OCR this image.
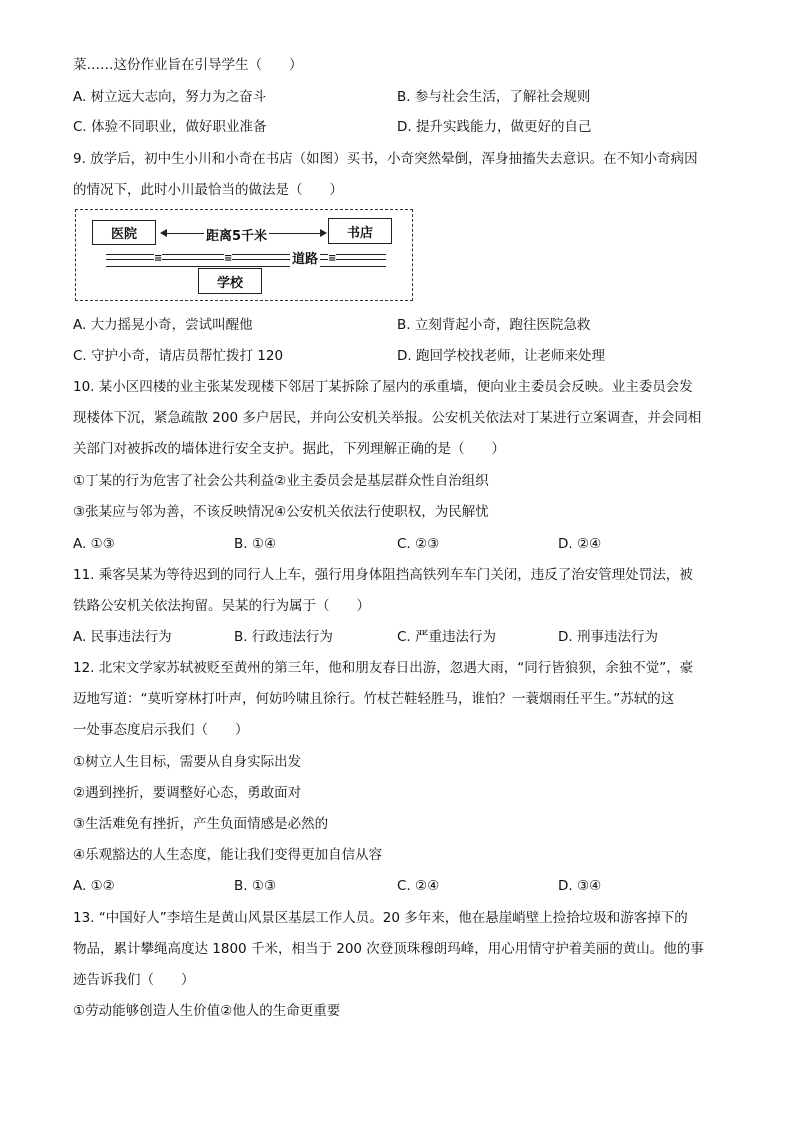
菜……这份作业旨在引导学生（　　）
A. 树立远大志向，努力为之奋斗	B. 参与社会生活，了解社会规则
C. 体验不同职业，做好职业准备	D. 提升实践能力，做更好的自己
9. 放学后，初中生小川和小奇在书店（如图）买书，小奇突然晕倒，浑身抽搐失去意识。在不知小奇病因
的情况下，此时小川最恰当的做法是（　　）
≡	≡	≡
道路
医院	书店
距离5千米
学校
A. 大力摇晃小奇，尝试叫醒他	B. 立刻背起小奇，跑往医院急救
C. 守护小奇，请店员帮忙拨打 120	D. 跑回学校找老师，让老师来处理
10. 某小区四楼的业主张某发现楼下邻居丁某拆除了屋内的承重墙，便向业主委员会反映。业主委员会发
现楼体下沉，紧急疏散 200 多户居民，并向公安机关举报。公安机关依法对丁某进行立案调查，并会同相
关部门对被拆改的墙体进行安全支护。据此，下列理解正确的是（　　）
①丁某的行为危害了社会公共利益②业主委员会是基层群众性自治组织
③张某应与邻为善，不该反映情况④公安机关依法行使职权，为民解忧
A. ①③	B. ①④	C. ②③	D. ②④
11. 乘客吴某为等待迟到的同行人上车，强行用身体阻挡高铁列车车门关闭，违反了治安管理处罚法，被
铁路公安机关依法拘留。吴某的行为属于（　　）
A. 民事违法行为	B. 行政违法行为	C. 严重违法行为	D. 刑事违法行为
12. 北宋文学家苏轼被贬至黄州的第三年，他和朋友春日出游，忽遇大雨，“同行皆狼狈，余独不觉”，豪
迈地写道：“莫听穿林打叶声，何妨吟啸且徐行。竹杖芒鞋轻胜马，谁怕？一蓑烟雨任平生。”苏轼的这
一处事态度启示我们（　　）
①树立人生目标，需要从自身实际出发
②遇到挫折，要调整好心态，勇敢面对
③生活难免有挫折，产生负面情感是必然的
④乐观豁达的人生态度，能让我们变得更加自信从容
A. ①②	B. ①③	C. ②④	D. ③④
13. “中国好人”李培生是黄山风景区基层工作人员。20 多年来，他在悬崖峭壁上捡拾垃圾和游客掉下的
物品，累计攀绳高度达 1800 千米，相当于 200 次登顶珠穆朗玛峰，用心用情守护着美丽的黄山。他的事
迹告诉我们（　　）
①劳动能够创造人生价值②他人的生命更重要
